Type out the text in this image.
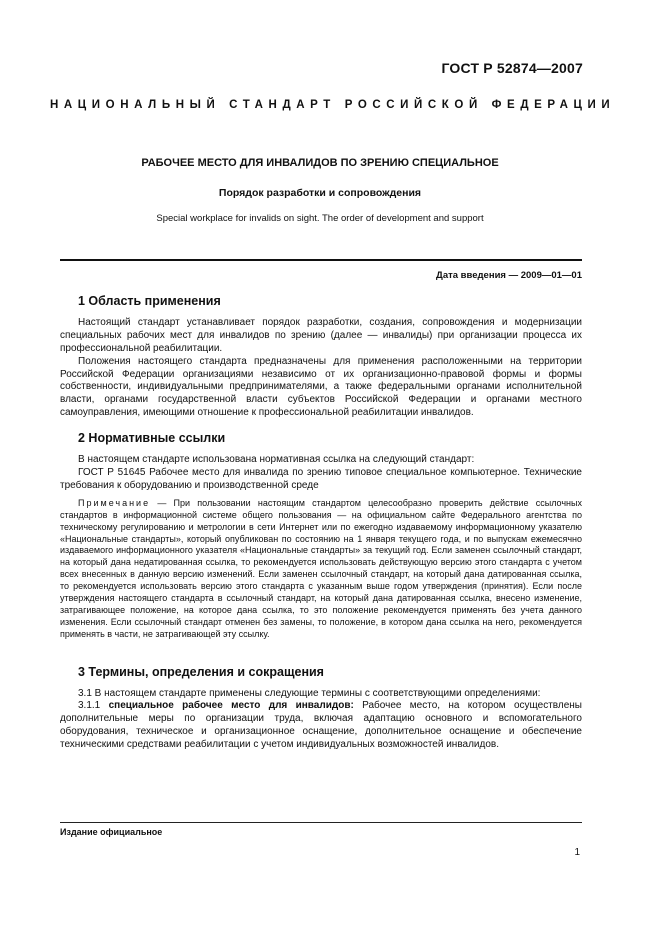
ГОСТ Р 52874—2007
НАЦИОНАЛЬНЫЙ СТАНДАРТ РОССИЙСКОЙ ФЕДЕРАЦИИ
РАБОЧЕЕ МЕСТО ДЛЯ ИНВАЛИДОВ ПО ЗРЕНИЮ СПЕЦИАЛЬНОЕ
Порядок разработки и сопровождения
Special workplace for invalids on sight. The order of development and support
Дата введения — 2009—01—01
1 Область применения

Настоящий стандарт устанавливает порядок разработки, создания, сопровождения и модернизации специальных рабочих мест для инвалидов по зрению (далее — инвалиды) при организации процесса их профессиональной реабилитации.

Положения настоящего стандарта предназначены для применения расположенными на территории Российской Федерации организациями независимо от их организационно-правовой формы и формы собственности, индивидуальными предпринимателями, а также федеральными органами исполнительной власти, органами государственной власти субъектов Российской Федерации и органами местного самоуправления, имеющими отношение к профессиональной реабилитации инвалидов.

2 Нормативные ссылки

В настоящем стандарте использована нормативная ссылка на следующий стандарт:

ГОСТ Р 51645 Рабочее место для инвалида по зрению типовое специальное компьютерное. Технические требования к оборудованию и производственной среде

Примечание — При пользовании настоящим стандартом целесообразно проверить действие ссылочных стандартов в информационной системе общего пользования — на официальном сайте Федерального агентства по техническому регулированию и метрологии в сети Интернет или по ежегодно издаваемому информационному указателю «Национальные стандарты», который опубликован по состоянию на 1 января текущего года, и по выпускам ежемесячно издаваемого информационного указателя «Национальные стандарты» за текущий год. Если заменен ссылочный стандарт, на который дана недатированная ссылка, то рекомендуется использовать действующую версию этого стандарта с учетом всех внесенных в данную версию изменений. Если заменен ссылочный стандарт, на который дана датированная ссылка, то рекомендуется использовать версию этого стандарта с указанным выше годом утверждения (принятия). Если после утверждения настоящего стандарта в ссылочный стандарт, на который дана датированная ссылка, внесено изменение, затрагивающее положение, на которое дана ссылка, то это положение рекомендуется применять без учета данного изменения. Если ссылочный стандарт отменен без замены, то положение, в котором дана ссылка на него, рекомендуется применять в части, не затрагивающей эту ссылку.

3 Термины, определения и сокращения

3.1 В настоящем стандарте применены следующие термины с соответствующими определениями:

3.1.1 специальное рабочее место для инвалидов: Рабочее место, на котором осуществлены дополнительные меры по организации труда, включая адаптацию основного и вспомогательного оборудования, техническое и организационное оснащение, дополнительное оснащение и обеспечение техническими средствами реабилитации с учетом индивидуальных возможностей инвалидов.

Издание официальное
1
